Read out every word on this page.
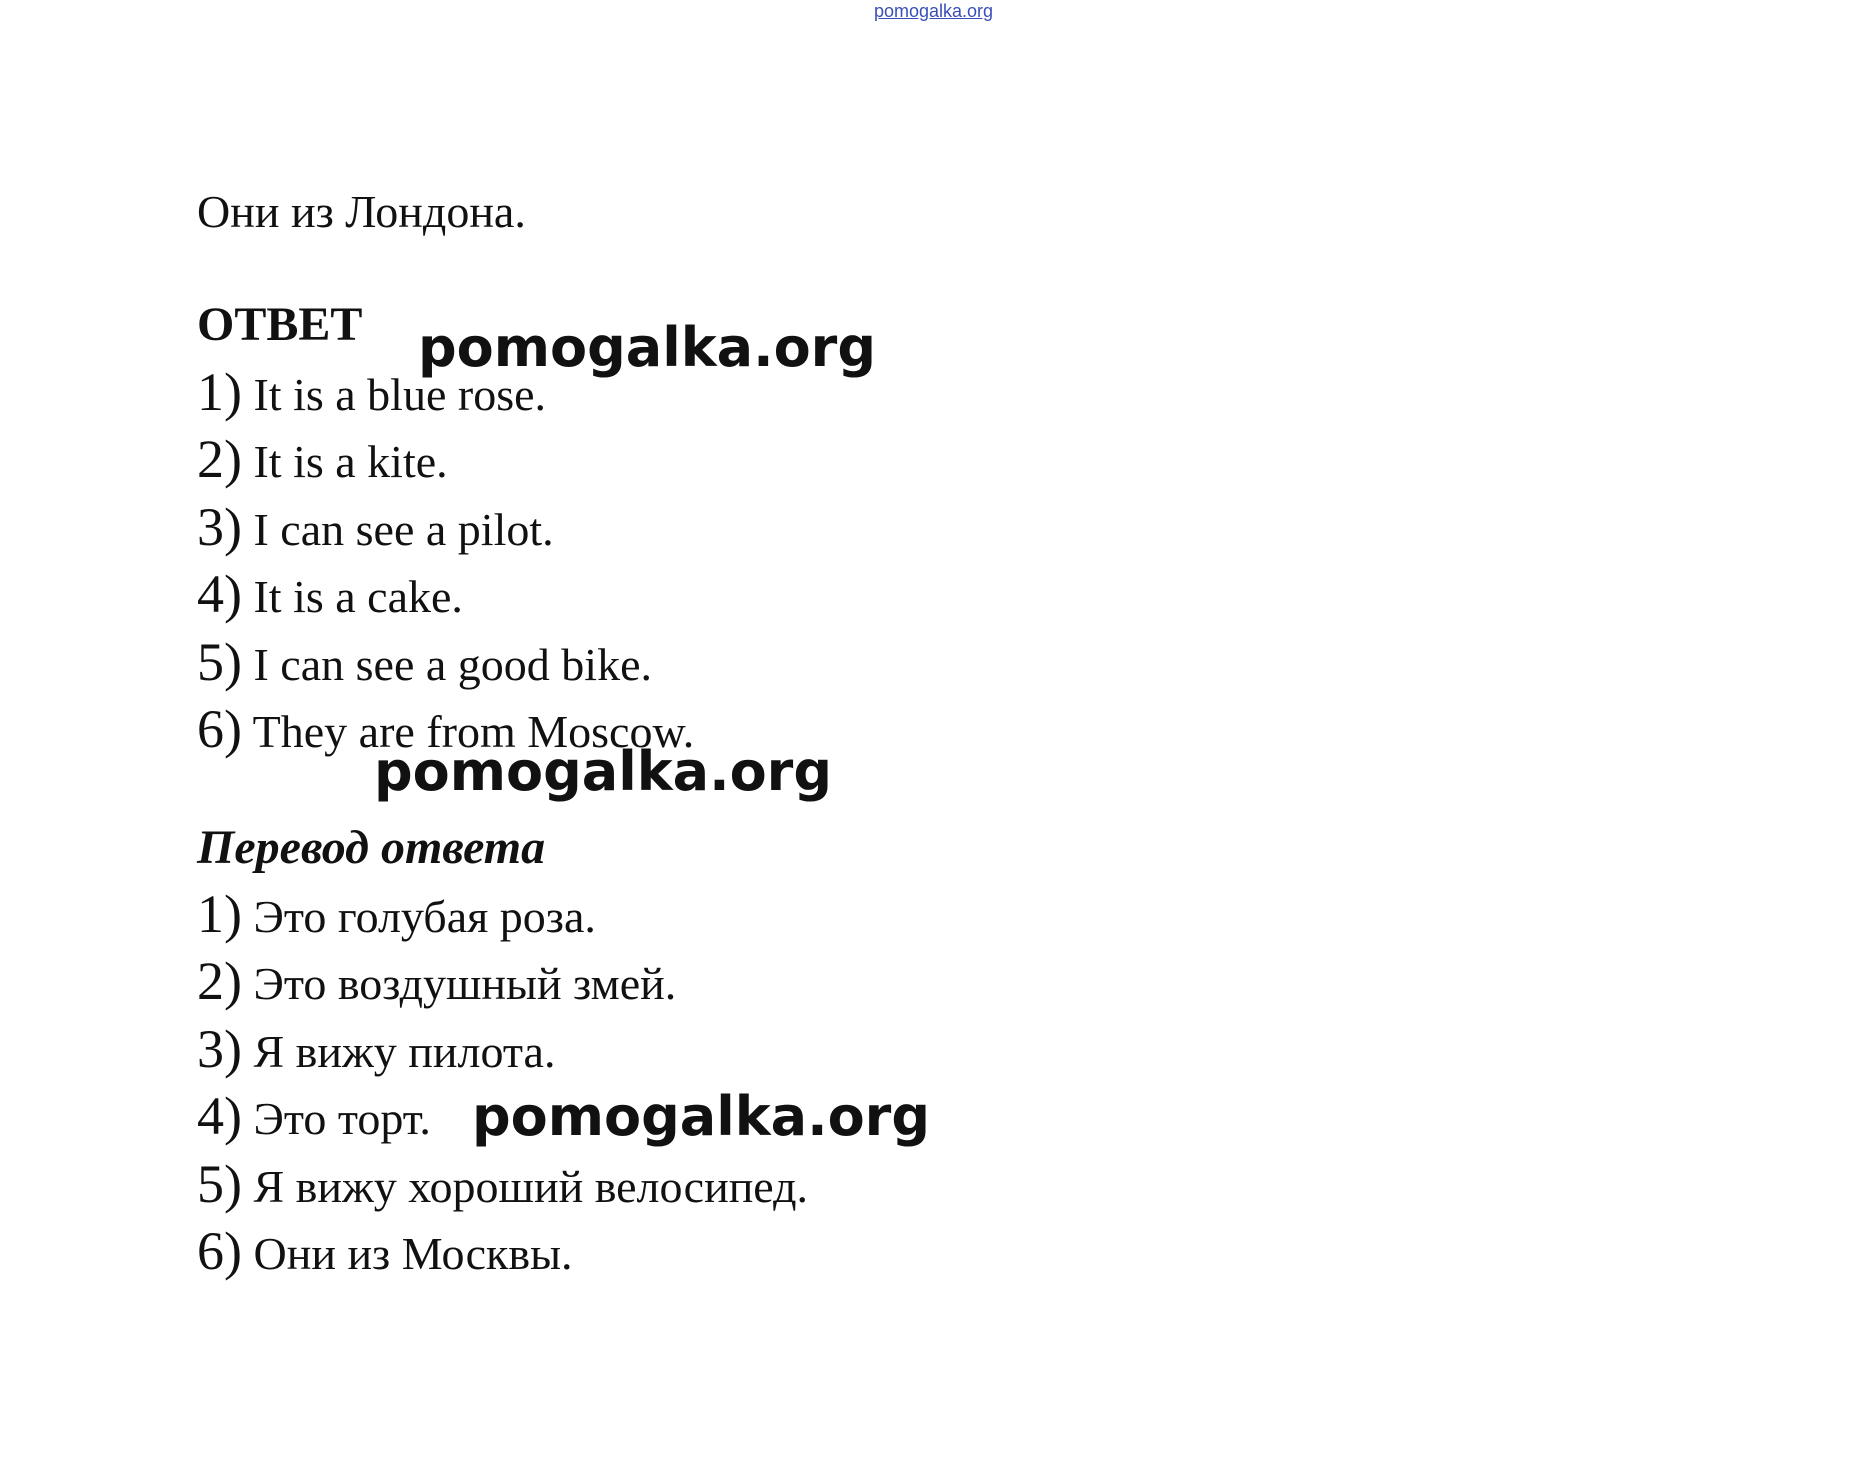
pomogalka.org
Они из Лондона.
ОТВЕТ
1) It is a blue rose.
2) It is a kite.
3) I can see a pilot.
4) It is a cake.
5) I can see a good bike.
6) They are from Moscow.
Перевод ответа
1) Это голубая роза.
2) Это воздушный змей.
3) Я вижу пилота.
4) Это торт.
5) Я вижу хороший велосипед.
6) Они из Москвы.
pomogalka.org
pomogalka.org
pomogalka.org
